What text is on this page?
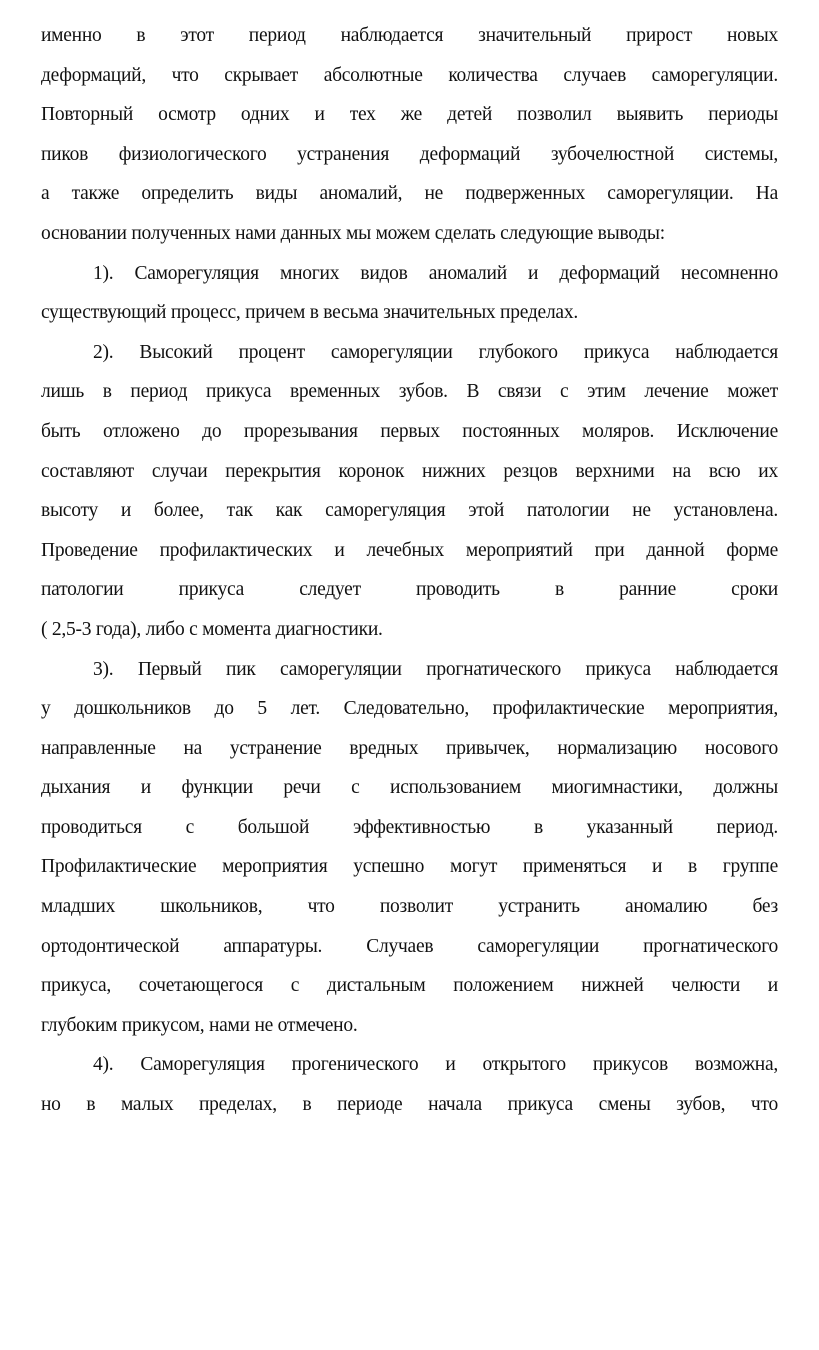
именно в этот период наблюдается значительный прирост новых
деформаций, что скрывает абсолютные количества случаев саморегуляции.
Повторный осмотр одних и тех же детей позволил выявить периоды
пиков физиологического устранения деформаций зубочелюстной системы,
а также определить виды аномалий, не подверженных саморегуляции. На
основании полученных нами данных мы можем сделать следующие выводы:
1). Саморегуляция многих видов аномалий и деформаций несомненно
существующий процесс, причем в весьма значительных пределах.
2). Высокий процент саморегуляции глубокого прикуса наблюдается
лишь в период прикуса временных зубов. В связи с этим лечение может
быть отложено до прорезывания первых постоянных моляров. Исключение
составляют случаи перекрытия коронок нижних резцов верхними на всю их
высоту и более, так как саморегуляция этой патологии не установлена.
Проведение профилактических и лечебных мероприятий при данной форме
патологии прикуса следует проводить в ранние сроки
( 2,5-3 года), либо с момента диагностики.
3). Первый пик саморегуляции прогнатического прикуса наблюдается
у дошкольников до 5 лет. Следовательно, профилактические мероприятия,
направленные на устранение вредных привычек, нормализацию носового
дыхания и функции речи с использованием миогимнастики, должны
проводиться с большой эффективностью в указанный период.
Профилактические мероприятия успешно могут применяться и в группе
младших школьников, что позволит устранить аномалию без
ортодонтической аппаратуры. Случаев саморегуляции прогнатического
прикуса, сочетающегося с дистальным положением нижней челюсти и
глубоким прикусом, нами не отмечено.
4). Саморегуляция прогенического и открытого прикусов возможна,
но в малых пределах, в периоде начала прикуса смены зубов, что
